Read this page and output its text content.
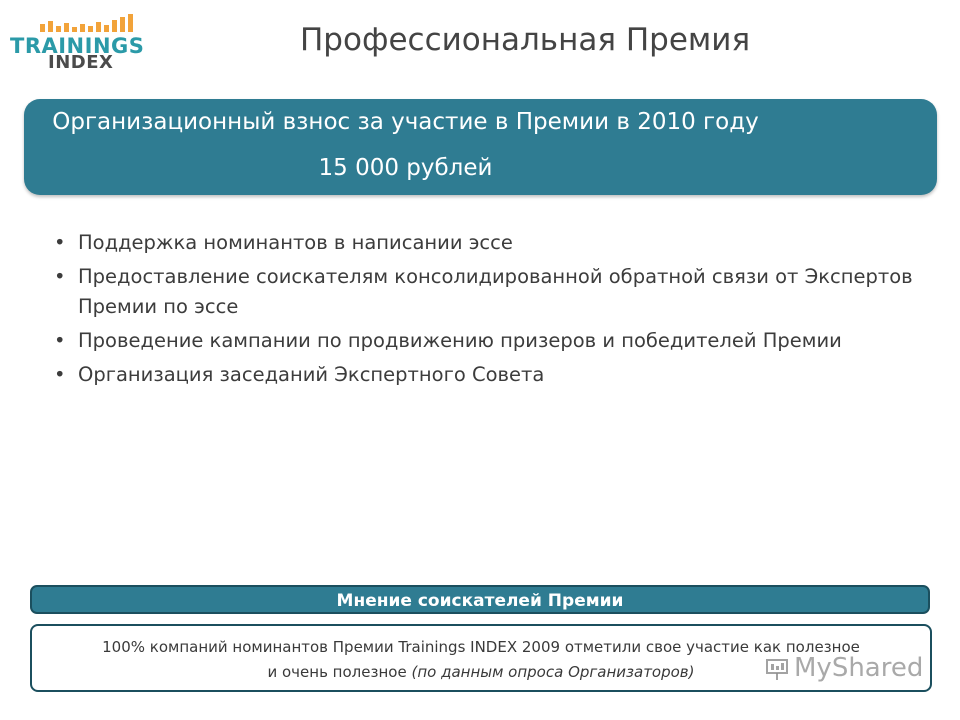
TRAININGS
INDEX
Профессиональная Премия
Организационный взнос за участие в Премии в 2010 году
15 000 рублей
• Поддержка номинантов в написании эссе
• Предоставление соискателям консолидированной обратной связи от Экспертов Премии по эссе
• Проведение кампании по продвижению призеров и победителей Премии
• Организация заседаний Экспертного Совета
Мнение соискателей Премии
100% компаний номинантов Премии Trainings INDEX 2009 отметили свое участие как полезное
и очень полезное (по данным опроса Организаторов)	MyShared
